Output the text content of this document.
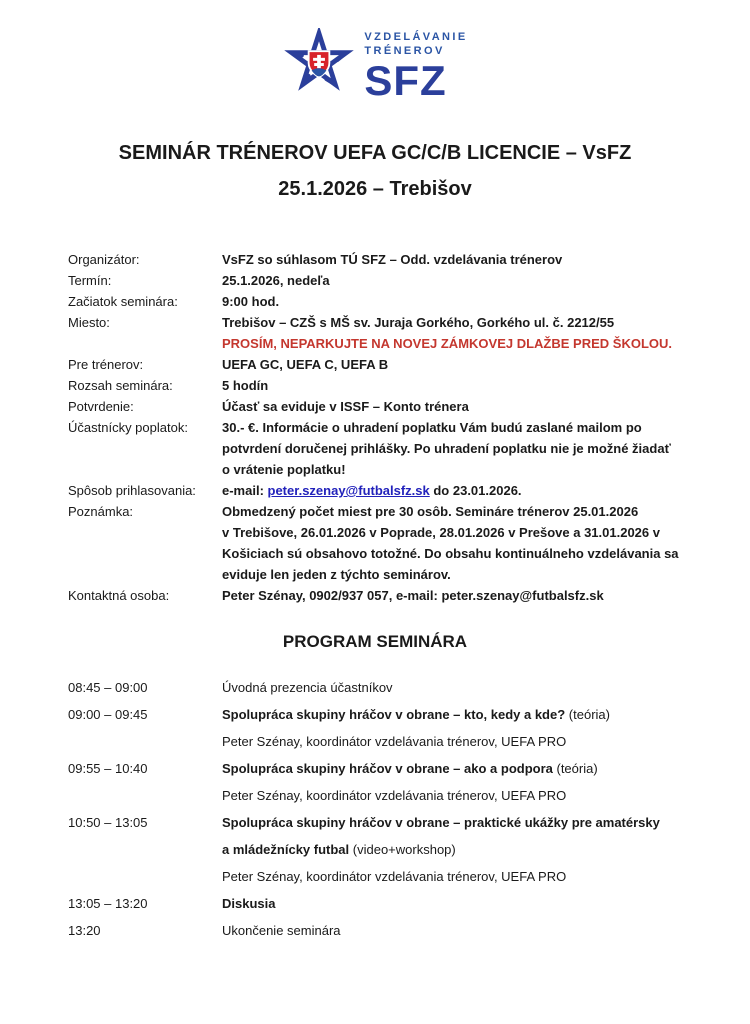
VZDELÁVANIE
TRÉNEROV
SFZ
SEMINÁR TRÉNEROV UEFA GC/C/B LICENCIE – VsFZ
25.1.2026 – Trebišov
Organizátor:	VsFZ so súhlasom TÚ SFZ – Odd. vzdelávania trénerov
Termín:	25.1.2026, nedeľa
Začiatok seminára:	9:00 hod.
Miesto:	Trebišov – CZŠ s MŠ sv. Juraja Gorkého, Gorkého ul. č. 2212/55
PROSÍM, NEPARKUJTE NA NOVEJ ZÁMKOVEJ DLAŽBE PRED ŠKOLOU.
Pre trénerov:	UEFA GC, UEFA C, UEFA B
Rozsah seminára:	5 hodín
Potvrdenie:	Účasť sa eviduje v ISSF – Konto trénera
Účastnícky poplatok:	30.- €. Informácie o uhradení poplatku Vám budú zaslané mailom po
potvrdení doručenej prihlášky. Po uhradení poplatku nie je možné žiadať
o vrátenie poplatku!
Spôsob prihlasovania:	e-mail: peter.szenay@futbalsfz.sk do 23.01.2026.
Poznámka:	Obmedzený počet miest pre 30 osôb. Semináre trénerov 25.01.2026
v Trebišove, 26.01.2026 v Poprade, 28.01.2026 v Prešove a 31.01.2026 v
Košiciach sú obsahovo totožné. Do obsahu kontinuálneho vzdelávania sa
eviduje len jeden z týchto seminárov.
Kontaktná osoba:	Peter Szénay, 0902/937 057, e-mail: peter.szenay@futbalsfz.sk
PROGRAM SEMINÁRA
08:45 – 09:00	Úvodná prezencia účastníkov
09:00 – 09:45	Spolupráca skupiny hráčov v obrane – kto, kedy a kde? (teória)
Peter Szénay, koordinátor vzdelávania trénerov, UEFA PRO
09:55 – 10:40	Spolupráca skupiny hráčov v obrane – ako a podpora (teória)
Peter Szénay, koordinátor vzdelávania trénerov, UEFA PRO
10:50 – 13:05	Spolupráca skupiny hráčov v obrane – praktické ukážky pre amatérsky
a mládežnícky futbal (video+workshop)
Peter Szénay, koordinátor vzdelávania trénerov, UEFA PRO
13:05 – 13:20	Diskusia
13:20	Ukončenie seminára
